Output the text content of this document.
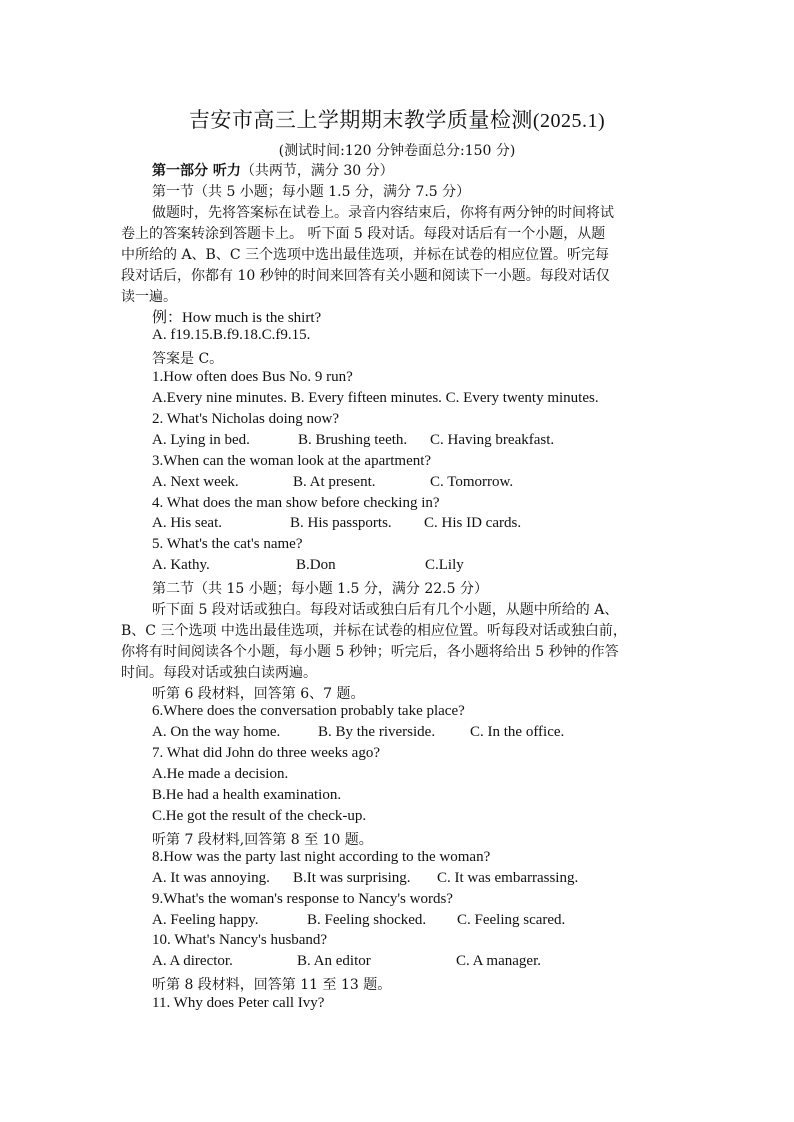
吉安市高三上学期期末教学质量检测(2025.1)
(测试时间:120 分钟卷面总分:150 分)
第一部分 听力（共两节，满分 30 分）
第一节（共 5 小题；每小题 1.5 分，满分 7.5 分）
做题时，先将答案标在试卷上。录音内容结束后，你将有两分钟的时间将试
卷上的答案转涂到答题卡上。 听下面 5 段对话。每段对话后有一个小题，从题
中所给的 A、B、C 三个选项中选出最佳选项，并标在试卷的相应位置。听完每
段对话后，你都有 10 秒钟的时间来回答有关小题和阅读下一小题。每段对话仅
读一遍。
例：How much is the shirt?
A. f19.15.B.f9.18.C.f9.15.
答案是 C。
1.How often does Bus No. 9 run?
A.Every nine minutes. B. Every fifteen minutes. C. Every twenty minutes.
2. What's Nicholas doing now?
A. Lying in bed.	B. Brushing teeth. C. Having breakfast.
3.When can the woman look at the apartment?
A. Next week.	B. At present.	C. Tomorrow.
4. What does the man show before checking in?
A. His seat.	B. His passports. C. His ID cards.
5. What's the cat's name?
A. Kathy.	B.Don	C.Lily
第二节（共 15 小题；每小题 1.5 分，满分 22.5 分）
听下面 5 段对话或独白。每段对话或独白后有几个小题，从题中所给的 A、
B、C 三个选项 中选出最佳选项，并标在试卷的相应位置。听每段对话或独白前，
你将有时间阅读各个小题，每小题 5 秒钟；听完后，各小题将给出 5 秒钟的作答
时间。每段对话或独白读两遍。
听第 6 段材料，回答第 6、7 题。
6.Where does the conversation probably take place?
A. On the way home.	B. By the riverside. C. In the office.
7. What did John do three weeks ago?
A.He made a decision.
B.He had a health examination.
C.He got the result of the check-up.
听第 7 段材料,回答第 8 至 10 题。
8.How was the party last night according to the woman?
A. It was annoying. B.It was surprising. C. It was embarrassing.
9.What's the woman's response to Nancy's words?
A. Feeling happy.	B. Feeling shocked. C. Feeling scared.
10. What's Nancy's husband?
A. A director.	B. An editor	C. A manager.
听第 8 段材料，回答第 11 至 13 题。
11. Why does Peter call Ivy?
